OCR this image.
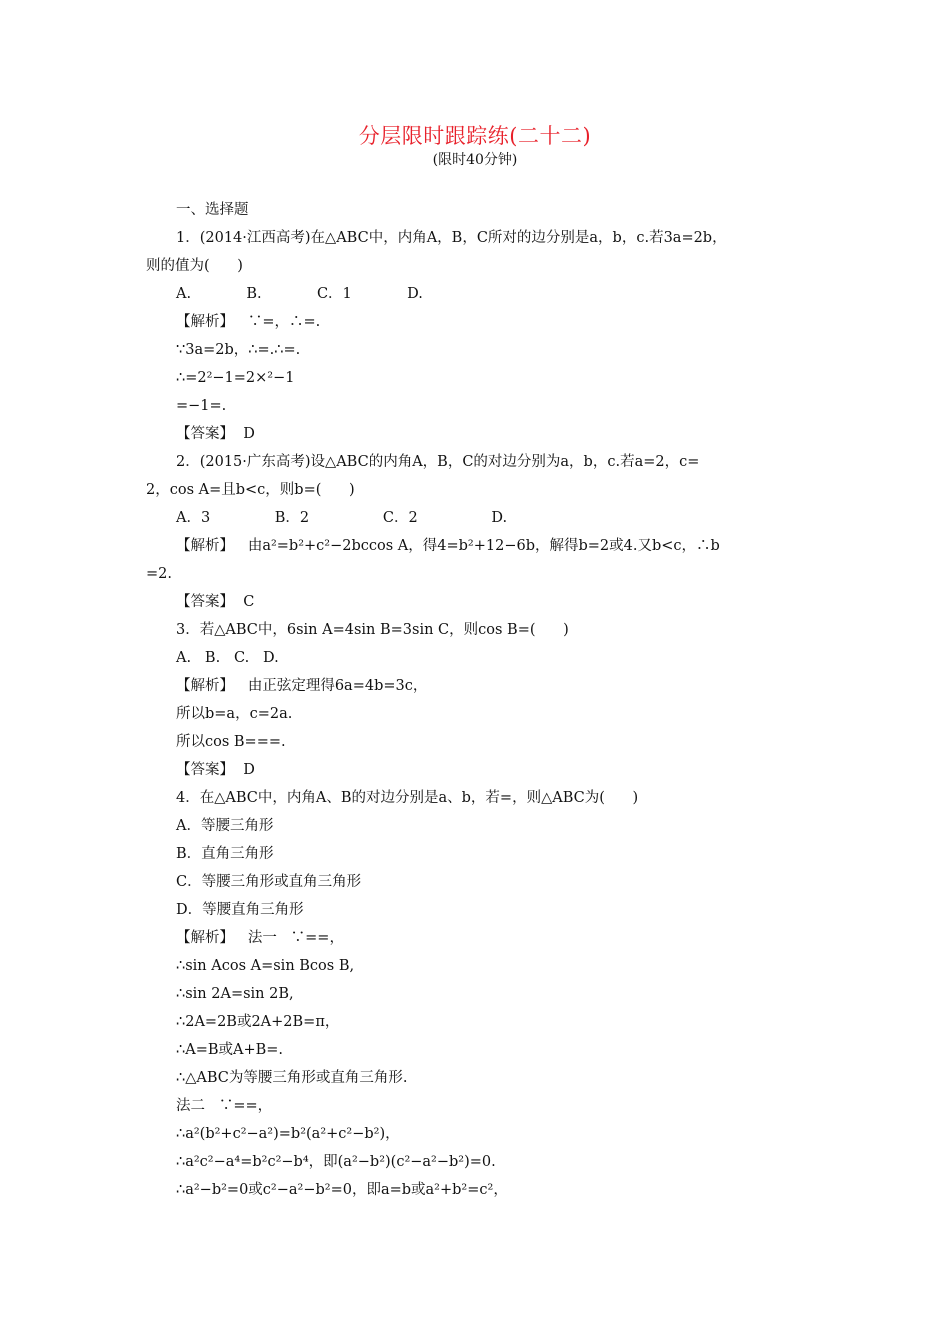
分层限时跟踪练(二十二)
(限时40分钟)
一、选择题
1．(2014·江西高考)在△ABC中，内角A，B，C所对的边分别是a，b，c.若3a=2b，
则的值为(      )
A.            B.            C．1            D.
【解析】   ∵=，∴=.
∵3a=2b，∴=.∴=.
∴=2²−1=2×²−1
=−1=.
【答案】  D
2．(2015·广东高考)设△ABC的内角A，B，C的对边分别为a，b，c.若a=2，c=
2，cos A=且b<c，则b=(      )
A．3              B．2                C．2                D.
【解析】   由a²=b²+c²−2bccos A，得4=b²+12−6b，解得b=2或4.又b<c，∴b
=2.
【答案】  C
3．若△ABC中，6sin A=4sin B=3sin C，则cos B=(      )
A.   B.   C.   D.
【解析】   由正弦定理得6a=4b=3c，
所以b=a，c=2a.
所以cos B===.
【答案】  D
4．在△ABC中，内角A、B的对边分别是a、b，若=，则△ABC为(      )
A．等腰三角形
B．直角三角形
C．等腰三角形或直角三角形
D．等腰直角三角形
【解析】   法一   ∵==，
∴sin Acos A=sin Bcos B,
∴sin 2A=sin 2B,
∴2A=2B或2A+2B=π，
∴A=B或A+B=.
∴△ABC为等腰三角形或直角三角形.
法二   ∵==，
∴a²(b²+c²−a²)=b²(a²+c²−b²)，
∴a²c²−a⁴=b²c²−b⁴，即(a²−b²)(c²−a²−b²)=0.
∴a²−b²=0或c²−a²−b²=0，即a=b或a²+b²=c²，
